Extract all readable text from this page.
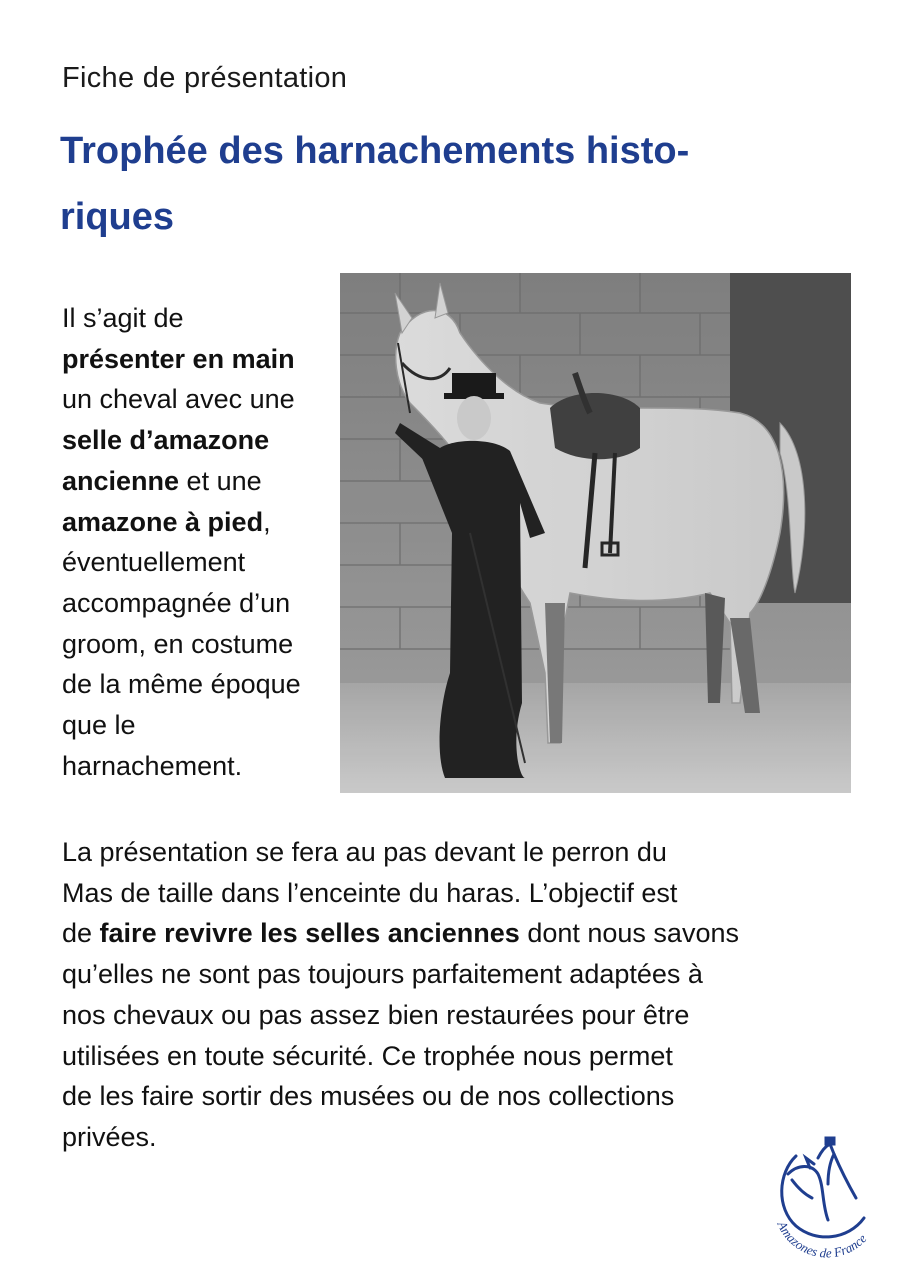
Fiche de présentation
Trophée des harnachements histo-
riques
Il s’agit de
présenter en main
un cheval avec une
selle d’amazone
ancienne et une
amazone à pied,
éventuellement
accompagnée d’un
groom, en costume
de la même époque
que le
harnachement.
La présentation se fera au pas devant le perron du
Mas de taille dans l’enceinte du haras. L’objectif est
de faire revivre les selles anciennes dont nous savons
qu’elles ne sont pas toujours parfaitement adaptées à
nos chevaux ou pas assez bien restaurées pour être
utilisées en toute sécurité. Ce trophée nous permet
de les faire sortir des musées ou de nos collections
privées.
Amazones de France
